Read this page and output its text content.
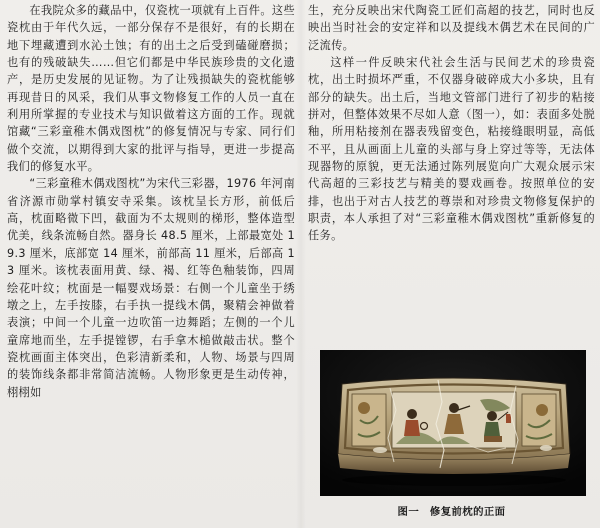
在我院众多的藏品中，仅瓷枕一项就有上百件。这些瓷枕由于年代久远，一部分保存不是很好，有的长期在地下埋藏遭到水沁土蚀；有的出土之后受到磕碰磨损；也有的残破缺失……但它们都是中华民族珍贵的文化遗产，是历史发展的见证物。为了让残损缺失的瓷枕能够再现昔日的风采，我们从事文物修复工作的人员一直在利用所掌握的专业技术与知识做着这方面的工作。现就馆藏“三彩童稚木偶戏图枕”的修复情况与专家、同行们做个交流，以期得到大家的批评与指导，更进一步提高我们的修复水平。

“三彩童稚木偶戏图枕”为宋代三彩器，1976 年河南省济源市勋掌村镇安寺采集。该枕呈长方形，前低后高，枕面略微下凹，截面为不太规则的梯形，整体造型优美，线条流畅自然。器身长 48.5 厘米，上部最宽处 19.3 厘米，底部宽 14 厘米，前部高 11 厘米，后部高 13 厘米。该枕表面用黄、绿、褐、红等色釉装饰，四周绘花叶纹；枕面是一幅婴戏场景：右侧一个儿童坐于绣墩之上，左手按膝，右手执一提线木偶，聚精会神做着表演；中间一个儿童一边吹笛一边舞蹈；左侧的一个儿童席地而坐，左手提镗锣，右手拿木槌做敲击状。整个瓷枕画面主体突出，色彩清新柔和，人物、场景与四周的装饰线条都非常简洁流畅。人物形象更是生动传神，栩栩如

生，充分反映出宋代陶瓷工匠们高超的技艺，同时也反映出当时社会的安定祥和以及提线木偶艺术在民间的广泛流传。

这样一件反映宋代社会生活与民间艺术的珍贵瓷枕，出土时损坏严重，不仅器身破碎成大小多块，且有部分的缺失。出土后，当地文管部门进行了初步的粘接拼对，但整体效果不尽如人意（图一），如：表面多处脱釉，所用粘接剂在器表残留变色，粘接缝眼明显，高低不平，且从画面上儿童的头部与身上穿过等等，无法体现器物的原貌，更无法通过陈列展览向广大观众展示宋代高超的三彩技艺与精美的婴戏画卷。按照单位的安排，也出于对古人技艺的尊崇和对珍贵文物修复保护的职责，本人承担了对“三彩童稚木偶戏图枕”重新修复的任务。

图一　修复前枕的正面
